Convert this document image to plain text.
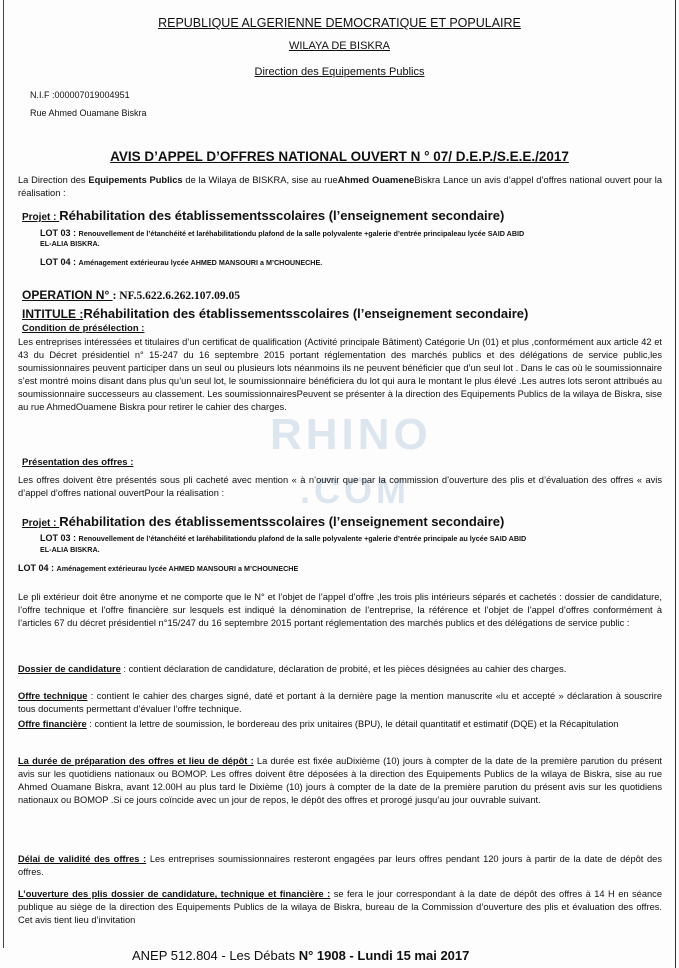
RHINO
.COM
REPUBLIQUE ALGERIENNE DEMOCRATIQUE ET POPULAIRE
WILAYA DE BISKRA
Direction des Equipements Publics
N.I.F :000007019004951
Rue Ahmed Ouamane Biskra
AVIS D’APPEL D’OFFRES NATIONAL OUVERT N ° 07/ D.E.P./S.E.E./2017
La Direction des Equipements Publics de la Wilaya de BISKRA, sise au rueAhmed OuameneBiskra Lance un avis d’appel d’offres national ouvert pour la réalisation :
Projet : Réhabilitation des établissementsscolaires (l’enseignement secondaire)
LOT 03 : Renouvellement de l’étanchéité et laréhabilitationdu plafond de la salle polyvalente +galerie d’entrée principaleau lycée SAID ABID
EL-ALIA BISKRA.
LOT 04 : Aménagement extérieurau lycée AHMED MANSOURI a M’CHOUNECHE.
OPERATION N° : NF.5.622.6.262.107.09.05
INTITULE :Réhabilitation des établissementsscolaires (l’enseignement secondaire)
Condition de présélection :
Les entreprises intéressées et titulaires d’un certificat de qualification (Activité principale Bâtiment) Catégorie Un (01) et plus ,conformément aux article 42 et 43 du Décret présidentiel n° 15-247 du 16 septembre 2015 portant réglementation des marchés publics et des délégations de service public,les soumissionnaires peuvent participer dans un seul ou plusieurs lots néanmoins ils ne peuvent bénéficier que d’un seul lot . Dans le cas où le soumissionnaire s’est montré moins disant dans plus qu’un seul lot, le soumissionnaire bénéficiera du lot qui aura le montant le plus élevé .Les autres lots seront attribués au soumissionnaire successeurs au classement. Les soumissionnairesPeuvent se présenter à la direction des Equipements Publics de la wilaya de Biskra, sise au rue AhmedOuamene Biskra pour retirer le cahier des charges.
Présentation des offres :
Les offres doivent être présentés sous pli cacheté avec mention « à n’ouvrir que par la commission d’ouverture des plis et d’évaluation des offres « avis d’appel d’offres national ouvertPour la réalisation :
Projet : Réhabilitation des établissementsscolaires (l’enseignement secondaire)
LOT 03 : Renouvellement de l’étanchéité et laréhabilitationdu plafond de la salle polyvalente +galerie d’entrée principale au lycée SAID ABID
EL-ALIA BISKRA.
LOT 04 : Aménagement extérieurau lycée AHMED MANSOURI a M’CHOUNECHE
Le pli extérieur doit être anonyme et ne comporte que le N° et l’objet de l’appel d’offre ,les trois plis intérieurs séparés et cachetés : dossier de candidature, l’offre technique et l’offre financière sur lesquels est indiqué la dénomination de l’entreprise, la référence et l’objet de l’appel d’offres conformément à l’articles 67 du décret présidentiel n°15/247 du 16 septembre 2015 portant réglementation des marchés publics et des délégations de service public :
Dossier de candidature : contient déclaration de candidature, déclaration de probité, et les pièces désignées au cahier des charges.
Offre technique : contient le cahier des charges signé, daté et portant à la dernière page la mention manuscrite «lu et accepté » déclaration à souscrire tous documents permettant d’évaluer l’offre technique.
Offre financière : contient la lettre de soumission, le bordereau des prix unitaires (BPU), le détail quantitatif et estimatif (DQE) et la Récapitulation
La durée de préparation des offres et lieu de dépôt : La durée est fixée auDixième (10) jours à compter de la date de la première parution du présent avis sur les quotidiens nationaux ou BOMOP. Les offres doivent être déposées à la direction des Equipements Publics de la wilaya de Biskra, sise au rue Ahmed Ouamane Biskra, avant 12.00H au plus tard le Dixième (10) jours à compter de la date de la première parution du présent avis sur les quotidiens nationaux ou BOMOP .Si ce jours coïncide avec un jour de repos, le dépôt des offres et prorogé jusqu’au jour ouvrable suivant.
Délai de validité des offres : Les entreprises soumissionnaires resteront engagées par leurs offres pendant 120 jours à partir de la date de dépôt des offres.
L’ouverture des plis dossier de candidature, technique et financière : se fera le jour correspondant à la date de dépôt des offres à 14 H en séance publique au siège de la direction des Equipements Publics de la wilaya de Biskra, bureau de la Commission d’ouverture des plis et évaluation des offres. Cet avis tient lieu d’invitation
ANEP 512.804 - Les Débats N° 1908 - Lundi 15 mai 2017
